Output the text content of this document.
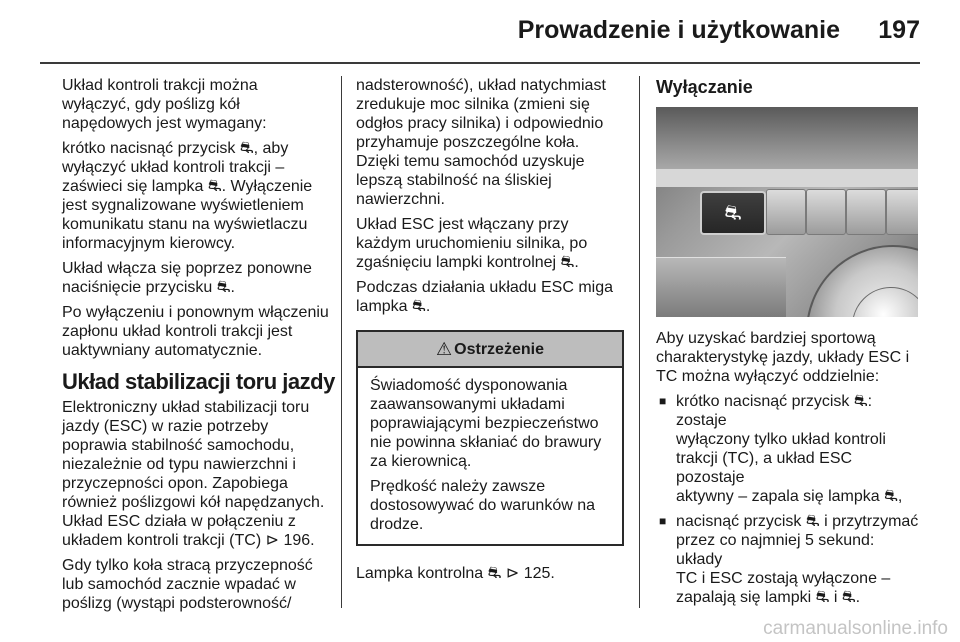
Prowadzenie i użytkowanie 197

Układ kontroli trakcji można
wyłączyć, gdy poślizg kół
napędowych jest wymagany:

krótko nacisnąć przycisk ⛐, aby
wyłączyć układ kontroli trakcji –
zaświeci się lampka ⛐. Wyłączenie
jest sygnalizowane wyświetleniem
komunikatu stanu na wyświetlaczu
informacyjnym kierowcy.

Układ włącza się poprzez ponowne
naciśnięcie przycisku ⛐.

Po wyłączeniu i ponownym włączeniu
zapłonu układ kontroli trakcji jest
uaktywniany automatycznie.

Układ stabilizacji toru jazdy

Elektroniczny układ stabilizacji toru
jazdy (ESC) w razie potrzeby
poprawia stabilność samochodu,
niezależnie od typu nawierzchni i
przyczepności opon. Zapobiega
również poślizgowi kół napędzanych.
Układ ESC działa w połączeniu z
układem kontroli trakcji (TC) ⊳ 196.

Gdy tylko koła stracą przyczepność
lub samochód zacznie wpadać w
poślizg (wystąpi podsterowność/

nadsterowność), układ natychmiast
zredukuje moc silnika (zmieni się
odgłos pracy silnika) i odpowiednio
przyhamuje poszczególne koła.
Dzięki temu samochód uzyskuje
lepszą stabilność na śliskiej
nawierzchni.

Układ ESC jest włączany przy
każdym uruchomieniu silnika, po
zgaśnięciu lampki kontrolnej ⛐.

Podczas działania układu ESC miga
lampka ⛐.

⚠ Ostrzeżenie

Świadomość dysponowania
zaawansowanymi układami
poprawiającymi bezpieczeństwo
nie powinna skłaniać do brawury
za kierownicą.

Prędkość należy zawsze
dostosowywać do warunków na
drodze.

Lampka kontrolna ⛐ ⊳ 125.

Wyłączanie
⛐

Aby uzyskać bardziej sportową
charakterystykę jazdy, układy ESC i
TC można wyłączyć oddzielnie:

■ krótko nacisnąć przycisk ⛐: zostaje
wyłączony tylko układ kontroli
trakcji (TC), a układ ESC pozostaje
aktywny – zapala się lampka ⛐,
■ nacisnąć przycisk ⛐ i przytrzymać
przez co najmniej 5 sekund: układy
TC i ESC zostają wyłączone –
zapalają się lampki ⛐ i ⛐.
carmanualsonline.info
